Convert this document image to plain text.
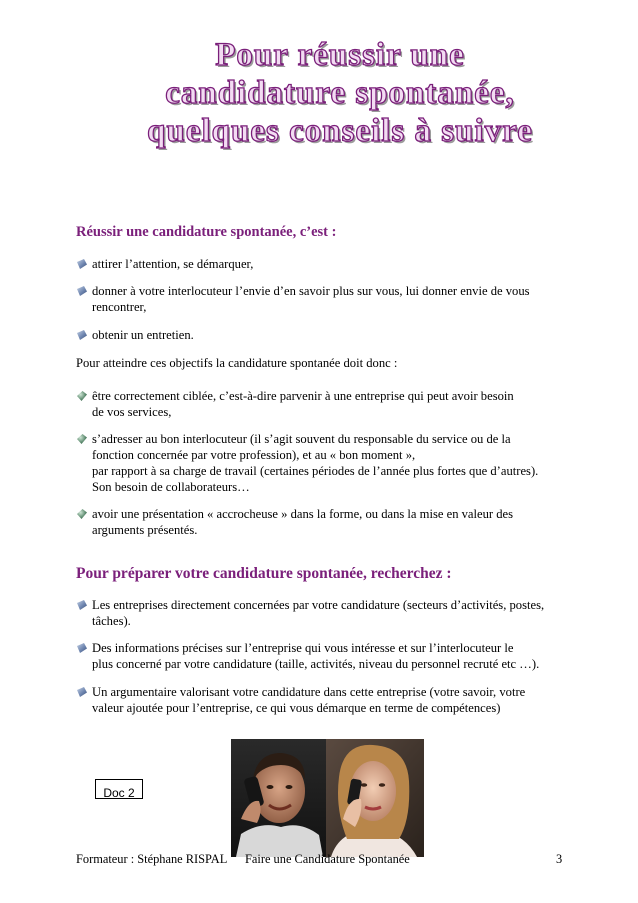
Pour réussir une
candidature spontanée,
quelques conseils à suivre
Réussir une candidature spontanée, c’est :
attirer l’attention, se démarquer,
donner à votre interlocuteur l’envie d’en savoir plus sur vous, lui donner envie de vous
rencontrer,
obtenir un entretien.
Pour atteindre ces objectifs la candidature spontanée doit donc :
être correctement ciblée, c’est-à-dire parvenir à une entreprise qui peut avoir besoin
de vos services,
s’adresser au bon interlocuteur (il s’agit souvent du responsable du service ou de la
fonction concernée par votre profession), et au « bon moment »,
par rapport à sa charge de travail (certaines périodes de l’année plus fortes que d’autres).
Son besoin de collaborateurs…
avoir une présentation « accrocheuse » dans la forme, ou dans la mise en valeur des
arguments présentés.
Pour préparer votre candidature spontanée, recherchez :
Les entreprises directement concernées par votre candidature (secteurs d’activités, postes,
tâches).
Des informations précises sur l’entreprise qui vous intéresse et sur l’interlocuteur le
plus concerné par votre candidature (taille, activités, niveau du personnel recruté etc …).
Un argumentaire valorisant votre candidature dans cette entreprise (votre savoir, votre
valeur ajoutée pour l’entreprise, ce qui vous démarque en terme de compétences)
Doc 2
Formateur : Stéphane RISPAL Faire une Candidature Spontanée	3
